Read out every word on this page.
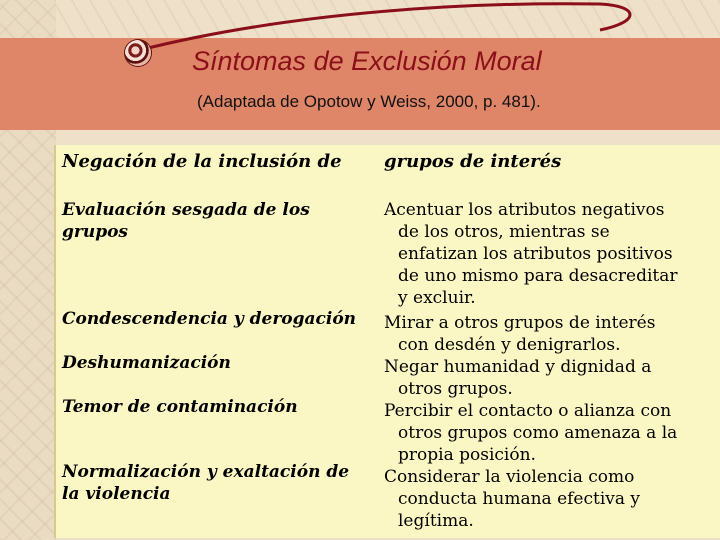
Síntomas de Exclusión Moral
(Adaptada de Opotow y Weiss, 2000, p. 481).
Negación de la inclusión de grupos de interés
Evaluación sesgada de los
grupos
Acentuar los atributos negativos
de los otros, mientras se
enfatizan los atributos positivos
de uno mismo para desacreditar
y excluir.
Condescendencia y derogación Mirar a otros grupos de interés
con desdén y denigrarlos.
Deshumanización	Negar humanidad y dignidad a
otros grupos.
Temor de contaminación	Percibir el contacto o alianza con
otros grupos como amenaza a la
propia posición.
Normalización y exaltación de
la violencia
Considerar la violencia como
conducta humana efectiva y
legítima.
